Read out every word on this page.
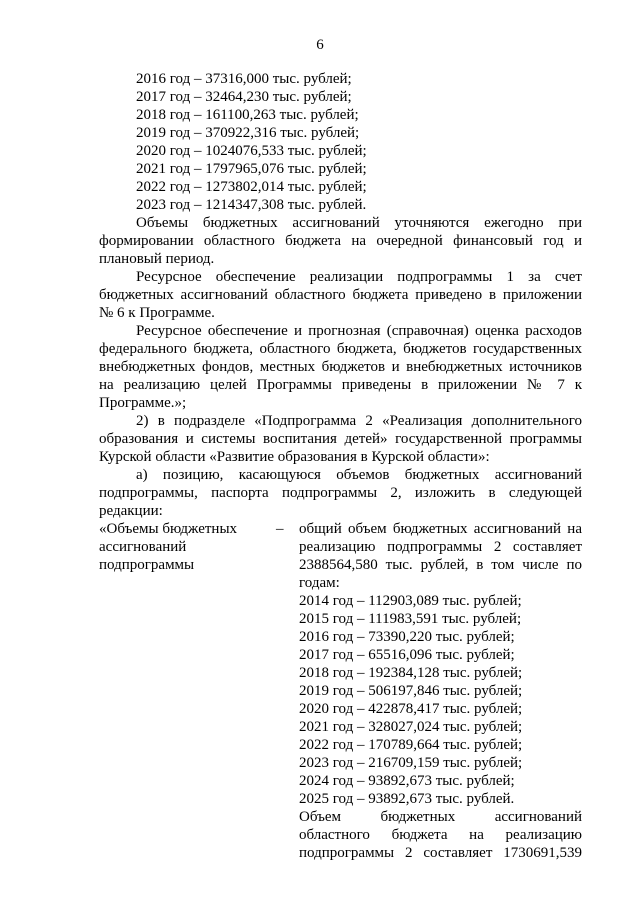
6
2016 год – 37316,000 тыс. рублей;
2017 год – 32464,230 тыс. рублей;
2018 год – 161100,263 тыс. рублей;
2019 год – 370922,316 тыс. рублей;
2020 год – 1024076,533 тыс. рублей;
2021 год – 1797965,076 тыс. рублей;
2022 год – 1273802,014 тыс. рублей;
2023 год – 1214347,308 тыс. рублей.
Объемы бюджетных ассигнований уточняются ежегодно при
формировании областного бюджета на очередной финансовый год и
плановый период.
Ресурсное обеспечение реализации подпрограммы 1 за счет
бюджетных ассигнований областного бюджета приведено в приложении
№ 6 к Программе.
Ресурсное обеспечение и прогнозная (справочная) оценка расходов
федерального бюджета, областного бюджета, бюджетов государственных
внебюджетных фондов, местных бюджетов и внебюджетных источников
на реализацию целей Программы приведены в приложении № 7 к
Программе.»;
2) в подразделе «Подпрограмма 2 «Реализация дополнительного
образования и системы воспитания детей» государственной программы
Курской области «Развитие образования в Курской области»:
а) позицию, касающуюся объемов бюджетных ассигнований
подпрограммы, паспорта подпрограммы 2, изложить в следующей
редакции:
«Объемы бюджетных
ассигнований
подпрограммы
– общий объем бюджетных ассигнований на
реализацию подпрограммы 2 составляет
2388564,580 тыс. рублей, в том числе по
годам:
2014 год – 112903,089 тыс. рублей;
2015 год – 111983,591 тыс. рублей;
2016 год – 73390,220 тыс. рублей;
2017 год – 65516,096 тыс. рублей;
2018 год – 192384,128 тыс. рублей;
2019 год – 506197,846 тыс. рублей;
2020 год – 422878,417 тыс. рублей;
2021 год – 328027,024 тыс. рублей;
2022 год – 170789,664 тыс. рублей;
2023 год – 216709,159 тыс. рублей;
2024 год – 93892,673 тыс. рублей;
2025 год – 93892,673 тыс. рублей.
Объем бюджетных ассигнований
областного бюджета на реализацию
подпрограммы 2 составляет 1730691,539
